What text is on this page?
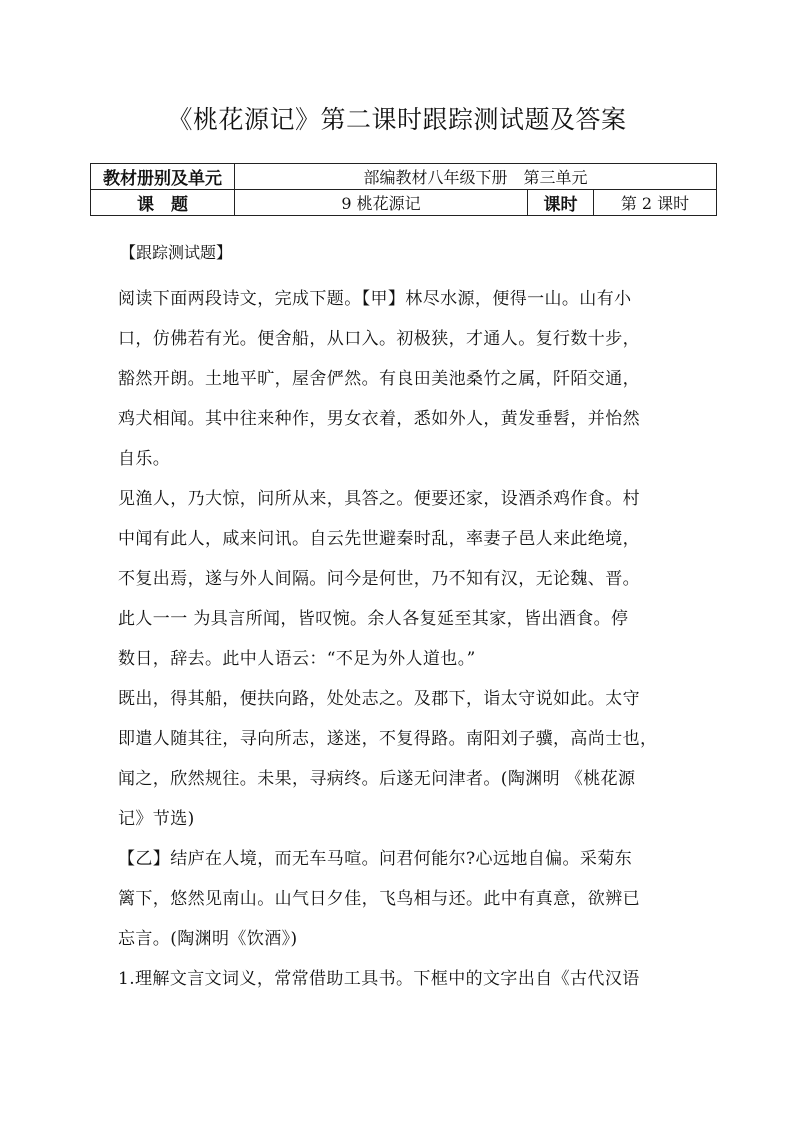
《桃花源记》第二课时跟踪测试题及答案
教材册别及单元	部编教材八年级下册　第三单元		
课　题	9 桃花源记	课时	第 2 课时
【跟踪测试题】
阅读下面两段诗文，完成下题。【甲】林尽水源，便得一山。山有小
口，仿佛若有光。便舍船，从口入。初极狭，才通人。复行数十步，
豁然开朗。土地平旷，屋舍俨然。有良田美池桑竹之属，阡陌交通，
鸡犬相闻。其中往来种作，男女衣着，悉如外人，黄发垂髫，并怡然
自乐。
见渔人，乃大惊，问所从来，具答之。便要还家，设酒杀鸡作食。村
中闻有此人，咸来问讯。自云先世避秦时乱，率妻子邑人来此绝境，
不复出焉，遂与外人间隔。问今是何世，乃不知有汉，无论魏、晋。
此人一一 为具言所闻，皆叹惋。余人各复延至其家，皆出酒食。停
数日，辞去。此中人语云：“不足为外人道也。”
既出，得其船，便扶向路，处处志之。及郡下，诣太守说如此。太守
即遣人随其往，寻向所志，遂迷，不复得路。南阳刘子骥，高尚士也，
闻之，欣然规往。未果，寻病终。后遂无问津者。(陶渊明 《桃花源
记》节选)
【乙】结庐在人境，而无车马喧。问君何能尔?心远地自偏。采菊东
篱下，悠然见南山。山气日夕佳，飞鸟相与还。此中有真意，欲辨已
忘言。(陶渊明《饮酒》)
1.理解文言文词义，常常借助工具书。下框中的文字出自《古代汉语
